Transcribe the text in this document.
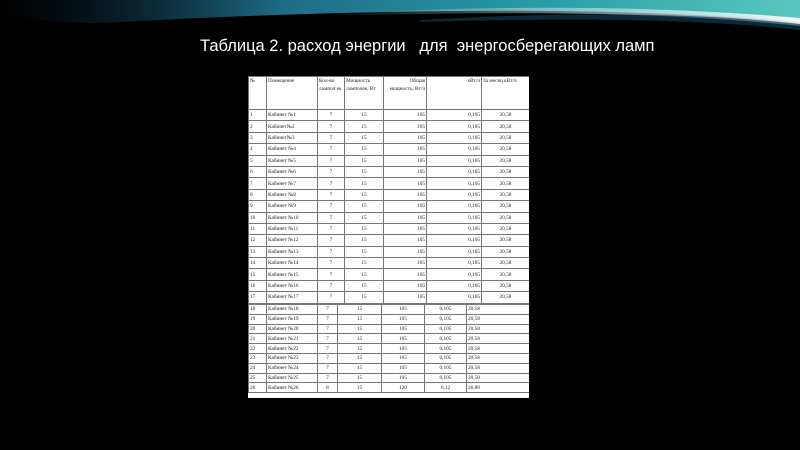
Таблица 2. расход энергии   для  энергосберегающих ламп
№	Помещение	Кол-во лампоч ек	Мощность лампочек, Вт	Общая мощность, Вт/ч	кВт/ч	За месяц кВт/ч
1	Кабинет №1	7	15	105	0,105	20,58
2	Кабинет№2	7	15	105	0,105	20,58
3	Кабинет№3	7	15	105	0,105	20,58
4	Кабинет №4	7	15	105	0,105	20,58
5	Кабинет №5	7	15	105	0,105	20,58
6	Кабинет №6	7	15	105	0,105	20,58
7	Кабинет №7	7	15	105	0,105	20,58
8	Кабинет №8	7	15	105	0,105	20,58
9	Кабинет №9	7	15	105	0,105	20,58
10	Кабинет №10	7	15	105	0,105	20,58
11	Кабинет №11	7	15	105	0,105	20,58
12	Кабинет №12	7	15	105	0,105	20,58
13	Кабинет №13	7	15	105	0,105	20,58
14	Кабинет №14	7	15	105	0,105	20,58
15	Кабинет №15	7	15	105	0,105	20,58
16	Кабинет №16	7	15	105	0,105	20,58
17	Кабинет №17	7	15	105	0,105	20,58
18	Кабинет №18	7	15	105	0,105	20,58
19	Кабинет №19	7	15	105	0,105	20,58
20	Кабинет №20	7	15	105	0,105	20,58
21	Кабинет №21	7	15	105	0,105	20,58
22	Кабинет №22	7	15	105	0,105	20,58
23	Кабинет №23	7	15	105	0,105	20,58
24	Кабинет №24	7	15	105	0,105	20,58
25	Кабинет №25	7	15	105	0,105	20,58
26	Кабинет №26	8	15	120	0,12	26,88
